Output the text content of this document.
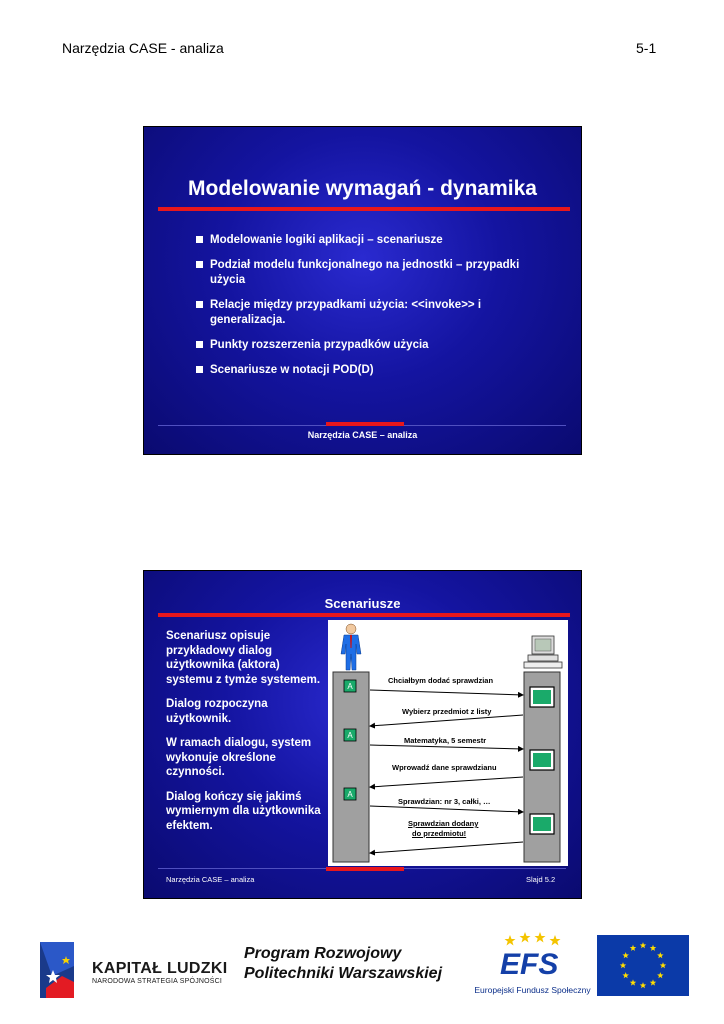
Narzędzia CASE - analiza	5-1
Modelowanie wymagań - dynamika
Modelowanie logiki aplikacji – scenariusze
Podział modelu funkcjonalnego na jednostki – przypadki użycia
Relacje między przypadkami użycia: <<invoke>> i generalizacja.
Punkty rozszerzenia przypadków użycia
Scenariusze w notacji POD(D)
Narzędzia CASE – analiza
Scenariusze

Scenariusz opisuje przykładowy dialog użytkownika (aktora) systemu z tymże systemem.

Dialog rozpoczyna użytkownik.

W ramach dialogu, system wykonuje określone czynności.

Dialog kończy się jakimś wymiernym dla użytkownika efektem.

A
A
A
Chciałbym dodać sprawdzian
Wybierz przedmiot z listy
Matematyka, 5 semestr
Wprowadź dane sprawdzianu
Sprawdzian: nr 3, całki, …
Sprawdzian dodany
do przedmiotu!
Narzędzia CASE – analiza	Slajd 5.2
KAPITAŁ LUDZKI
NARODOWA STRATEGIA SPÓJNOŚCI
Program Rozwojowy
Politechniki Warszawskiej EFS
Europejski Fundusz Społeczny
